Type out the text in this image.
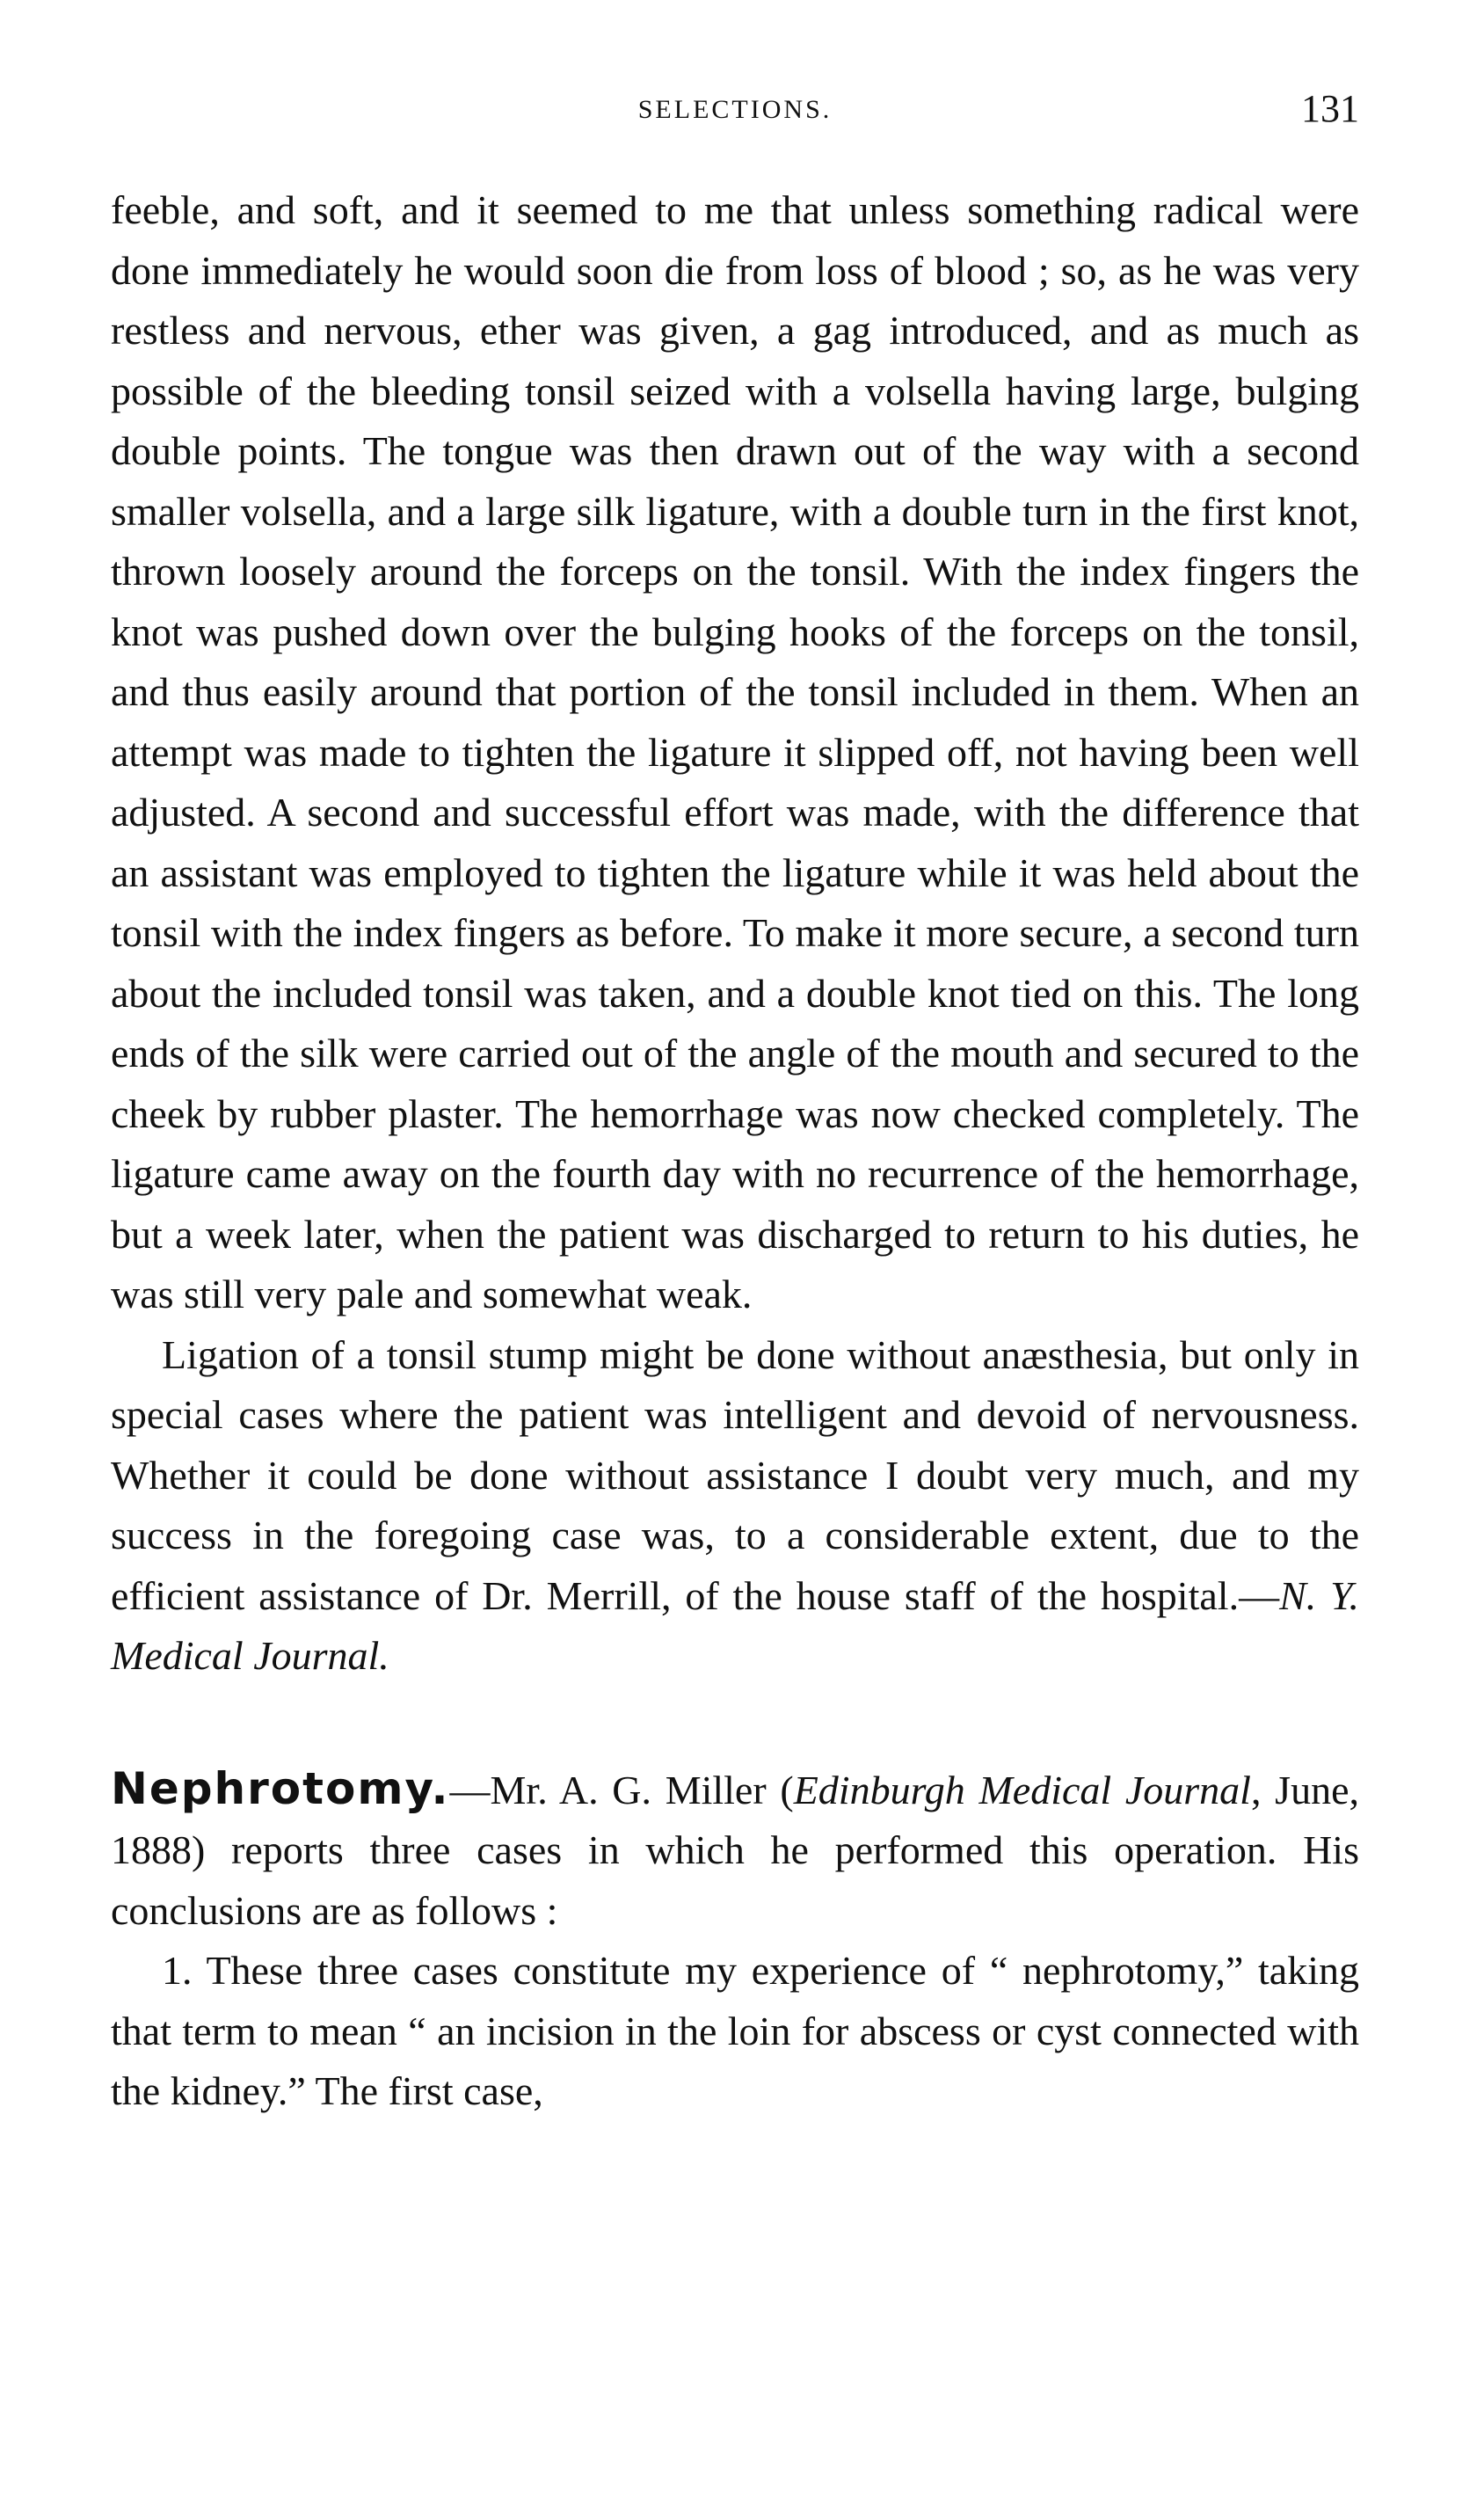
SELECTIONS.	131

feeble, and soft, and it seemed to me that unless something radical were done immediately he would soon die from loss of blood ; so, as he was very restless and nervous, ether was given, a gag introduced, and as much as possible of the bleeding tonsil seized with a volsella having large, bulging double points. The tongue was then drawn out of the way with a second smaller volsella, and a large silk ligature, with a double turn in the first knot, thrown loosely around the forceps on the tonsil. With the index fingers the knot was pushed down over the bulging hooks of the forceps on the tonsil, and thus easily around that portion of the tonsil included in them. When an attempt was made to tighten the ligature it slipped off, not having been well adjusted. A second and successful effort was made, with the difference that an assistant was employed to tighten the ligature while it was held about the tonsil with the index fingers as before. To make it more secure, a second turn about the included tonsil was taken, and a double knot tied on this. The long ends of the silk were carried out of the angle of the mouth and secured to the cheek by rubber plaster. The hemorrhage was now checked completely. The ligature came away on the fourth day with no recurrence of the hemorrhage, but a week later, when the patient was discharged to return to his duties, he was still very pale and somewhat weak.

Ligation of a tonsil stump might be done without anæsthesia, but only in special cases where the patient was intelligent and devoid of nervousness. Whether it could be done without assistance I doubt very much, and my success in the foregoing case was, to a considerable extent, due to the efficient assistance of Dr. Merrill, of the house staff of the hospital.—N. Y. Medical Journal.

Nephrotomy.—Mr. A. G. Miller (Edinburgh Medical Journal, June, 1888) reports three cases in which he performed this operation. His conclusions are as follows :

1. These three cases constitute my experience of “ nephrotomy,” taking that term to mean “ an incision in the loin for abscess or cyst connected with the kidney.” The first case,
